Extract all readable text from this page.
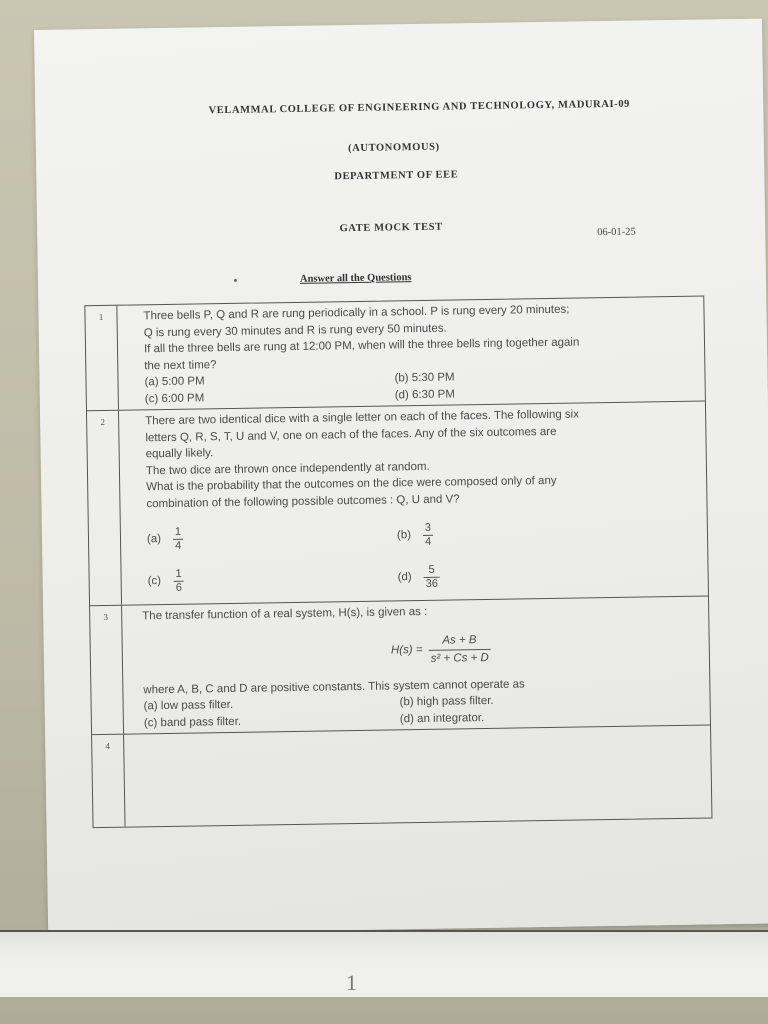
VELAMMAL COLLEGE OF ENGINEERING AND TECHNOLOGY, MADURAI-09
(AUTONOMOUS)
DEPARTMENT OF EEE
GATE MOCK TEST	06-01-25
Answer all the Questions
1	Three bells P, Q and R are rung periodically in a school. P is rung every 20 minutes;

Q is rung every 30 minutes and R is rung every 50 minutes.

If all the three bells are rung at 12:00 PM, when will the three bells ring together again

the next time?

(a) 5:00 PM	(b) 5:30 PM
(c) 6:00 PM	(d) 6:30 PM
2	There are two identical dice with a single letter on each of the faces. The following six

letters Q, R, S, T, U and V, one on each of the faces. Any of the six outcomes are

equally likely.

The two dice are thrown once independently at random.

What is the probability that the outcomes on the dice were composed only of any

combination of the following possible outcomes : Q, U and V?

(a)	$\frac{1}{4}$	(b)	$\frac{3}{4}$
(c)	$\frac{1}{6}$	(d)	$\frac{5}{36}$
3	The transfer function of a real system, H(s), is given as :

$H(s) = \frac{As + B}{\text{s² + Cs + D}}$

where A, B, C and D are positive constants. This system cannot operate as

(a) low pass filter.	(b) high pass filter.
(c) band pass filter.	(d) an integrator.
4
1
